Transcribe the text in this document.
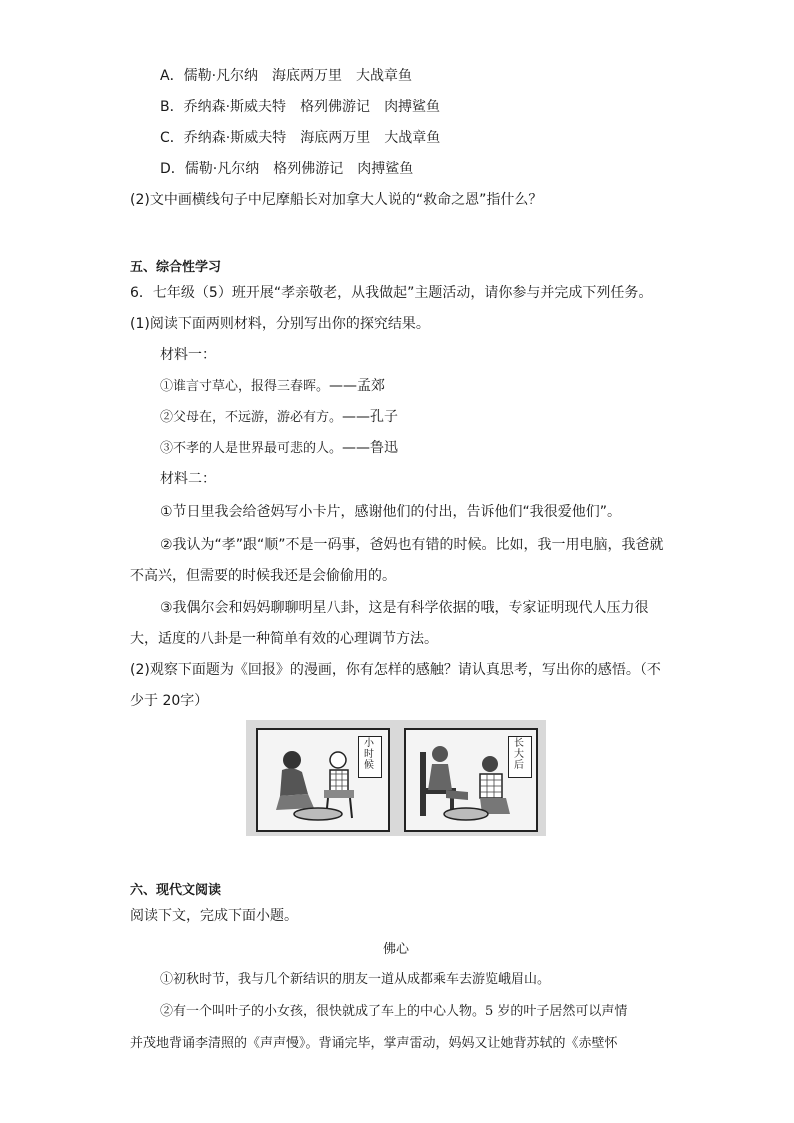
A．儒勒·凡尔纳 海底两万里 大战章鱼
B．乔纳森·斯威夫特 格列佛游记 肉搏鲨鱼
C．乔纳森·斯威夫特 海底两万里 大战章鱼
D．儒勒·凡尔纳 格列佛游记 肉搏鲨鱼
(2)文中画横线句子中尼摩船长对加拿大人说的“救命之恩”指什么？
五、综合性学习
6．七年级（5）班开展“孝亲敬老，从我做起”主题活动，请你参与并完成下列任务。
(1)阅读下面两则材料，分别写出你的探究结果。
材料一：
①谁言寸草心，报得三春晖。——孟郊
②父母在，不远游，游必有方。——孔子
③不孝的人是世界最可悲的人。——鲁迅
材料二：
①节日里我会给爸妈写小卡片，感谢他们的付出，告诉他们“我很爱他们”。
②我认为“孝”跟“顺”不是一码事，爸妈也有错的时候。比如，我一用电脑，我爸就
不高兴，但需要的时候我还是会偷偷用的。
③我偶尔会和妈妈聊聊明星八卦，这是有科学依据的哦，专家证明现代人压力很
大，适度的八卦是一种简单有效的心理调节方法。
(2)观察下面题为《回报》的漫画，你有怎样的感触？请认真思考，写出你的感悟。（不
少于 20字）
小时候
长大后
六、现代文阅读
阅读下文，完成下面小题。
佛心
①初秋时节，我与几个新结识的朋友一道从成都乘车去游览峨眉山。
②有一个叫叶子的小女孩，很快就成了车上的中心人物。5 岁的叶子居然可以声情
并茂地背诵李清照的《声声慢》。背诵完毕，掌声雷动，妈妈又让她背苏轼的《赤壁怀
